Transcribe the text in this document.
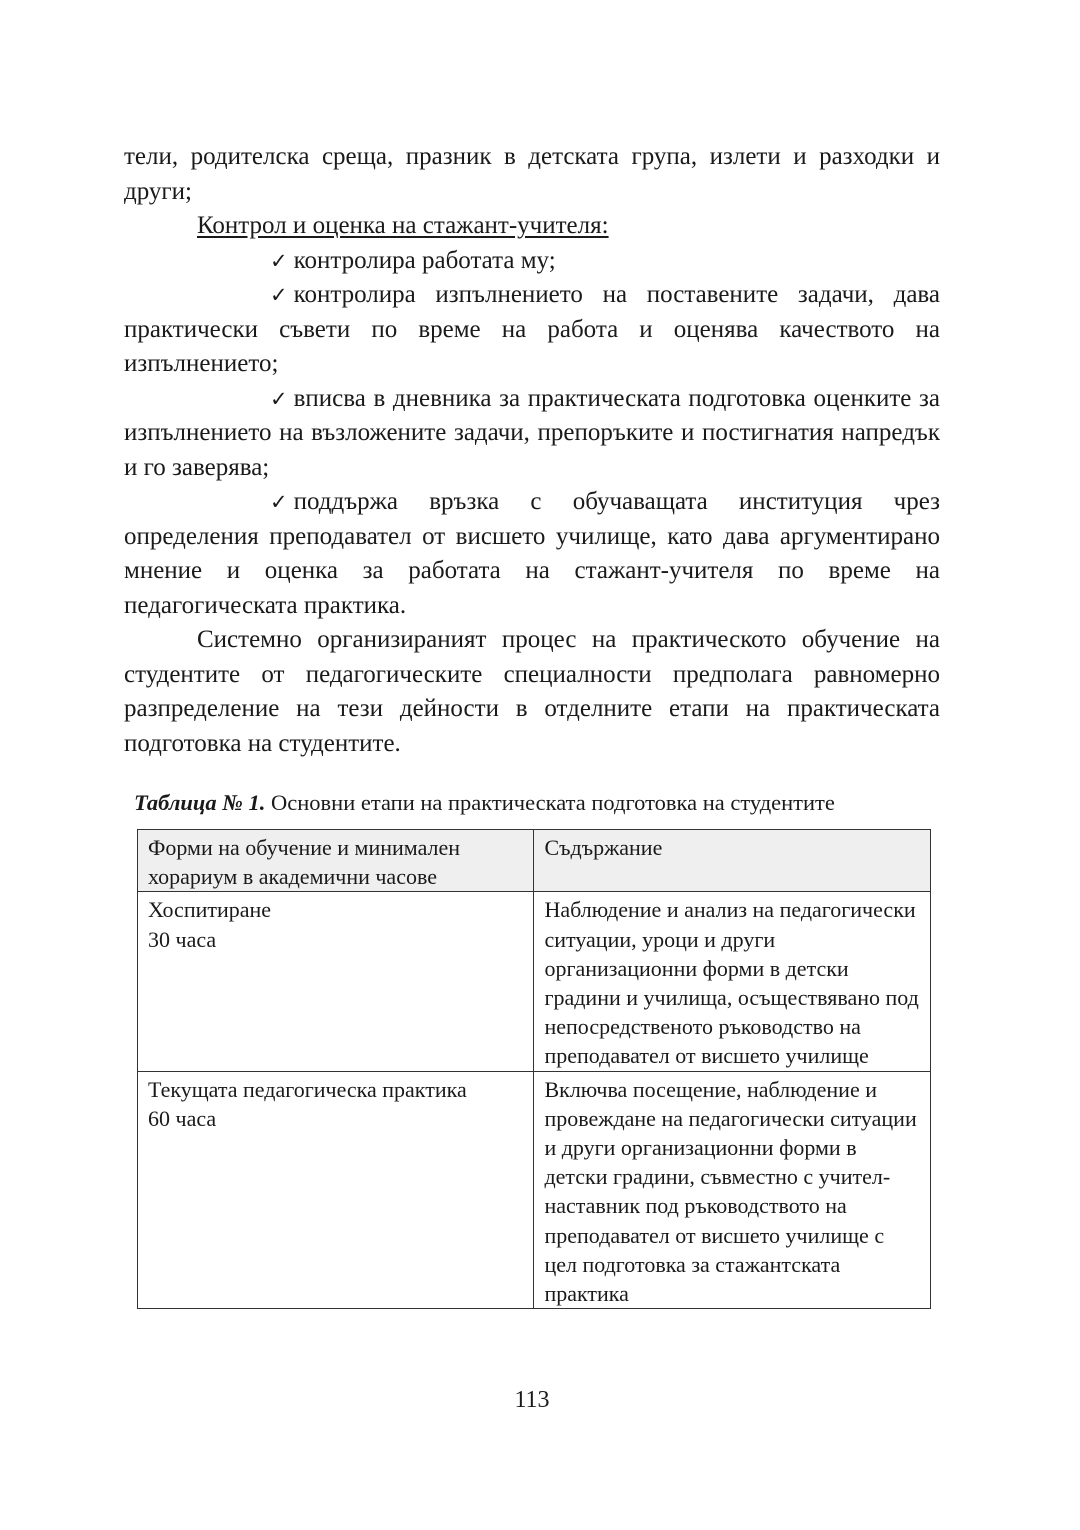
тели, родителска среща, празник в детската група, излети и разходки и други;

Контрол и оценка на стажант-учителя:

✓ контролира работата му;

✓ контролира изпълнението на поставените задачи, дава практически съвети по време на работа и оценява качеството на изпълнението;

✓ вписва в дневника за практическата подготовка оценките за изпълнението на възложените задачи, препоръките и постигнатия напредък и го заверява;

✓ поддържа връзка с обучаващата институция чрез определения преподавател от висшето училище, като дава аргументирано мнение и оценка за работата на стажант-учителя по време на педагогическата практика.

Системно организираният процес на практическото обучение на студентите от педагогическите специалности предполага равномерно разпределение на тези дейности в отделните етапи на практическата подготовка на студентите.

Таблица № 1. Основни етапи на практическата подготовка на студентите
Форми на обучение и минимален
хорариум в академични часове	Съдържание

Хоспитиране
30 часа	Наблюдение и анализ на педагогически ситуации, уроци и други организационни форми в детски градини и училища, осъществявано под непосредственото ръководство на преподавател от висшето училище

Текущата педагогическа практика
60 часа	Включва посещение, наблюдение и провеждане на педагогически ситуации и други организационни форми в детски градини, съвместно с учител-наставник под ръководството на преподавател от висшето училище с цел подготовка за стажантската практика
113
